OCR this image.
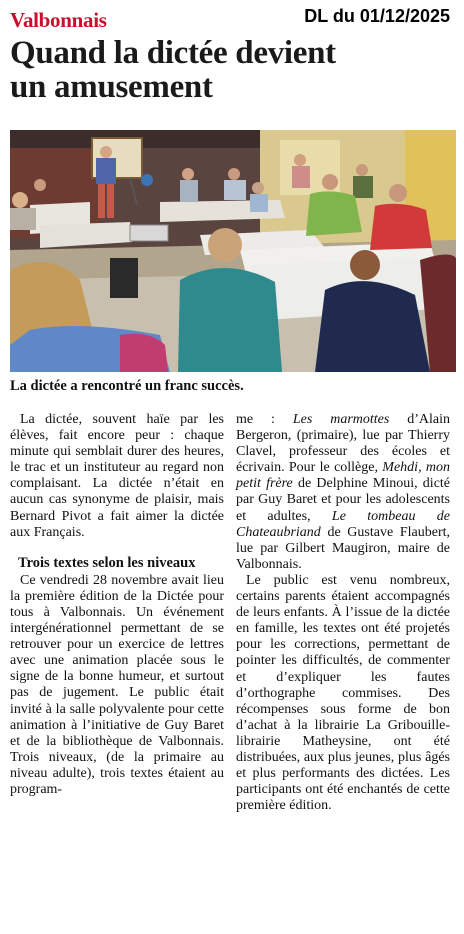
Valbonnais	DL du 01/12/2025
Quand la dictée devient
un amusement
La dictée a rencontré un franc succès.

La dictée, souvent haïe par les élèves, fait encore peur : chaque minute qui semblait durer des heures, le trac et un instituteur au regard non complaisant. La dictée n’était en aucun cas synonyme de plaisir, mais Bernard Pivot a fait aimer la dictée aux Français.

Trois textes selon les niveaux

Ce vendredi 28 novembre avait lieu la première édition de la Dictée pour tous à Valbonnais. Un événement intergénérationnel permettant de se retrouver pour un exercice de lettres avec une animation placée sous le signe de la bonne humeur, et surtout pas de jugement. Le public était invité à la salle polyvalente pour cette animation à l’initiative de Guy Baret et de la bibliothèque de Valbonnais. Trois niveaux, (de la primaire au niveau adulte), trois textes étaient au program-

me : Les marmottes d’Alain Bergeron, (primaire), lue par Thierry Clavel, professeur des écoles et écrivain. Pour le collège, Mehdi, mon petit frère de Delphine Minoui, dicté par Guy Baret et pour les adolescents et adultes, Le tombeau de Chateaubriand de Gustave Flaubert, lue par Gilbert Maugiron, maire de Valbonnais.

Le public est venu nombreux, certains parents étaient accompagnés de leurs enfants. À l’issue de la dictée en famille, les textes ont été projetés pour les corrections, permettant de pointer les difficultés, de commenter et d’expliquer les fautes d’orthographe commises. Des récompenses sous forme de bon d’achat à la librairie La Gribouille- librairie Matheysine, ont été distribuées, aux plus jeunes, plus âgés et plus performants des dictées. Les participants ont été enchantés de cette première édition.
